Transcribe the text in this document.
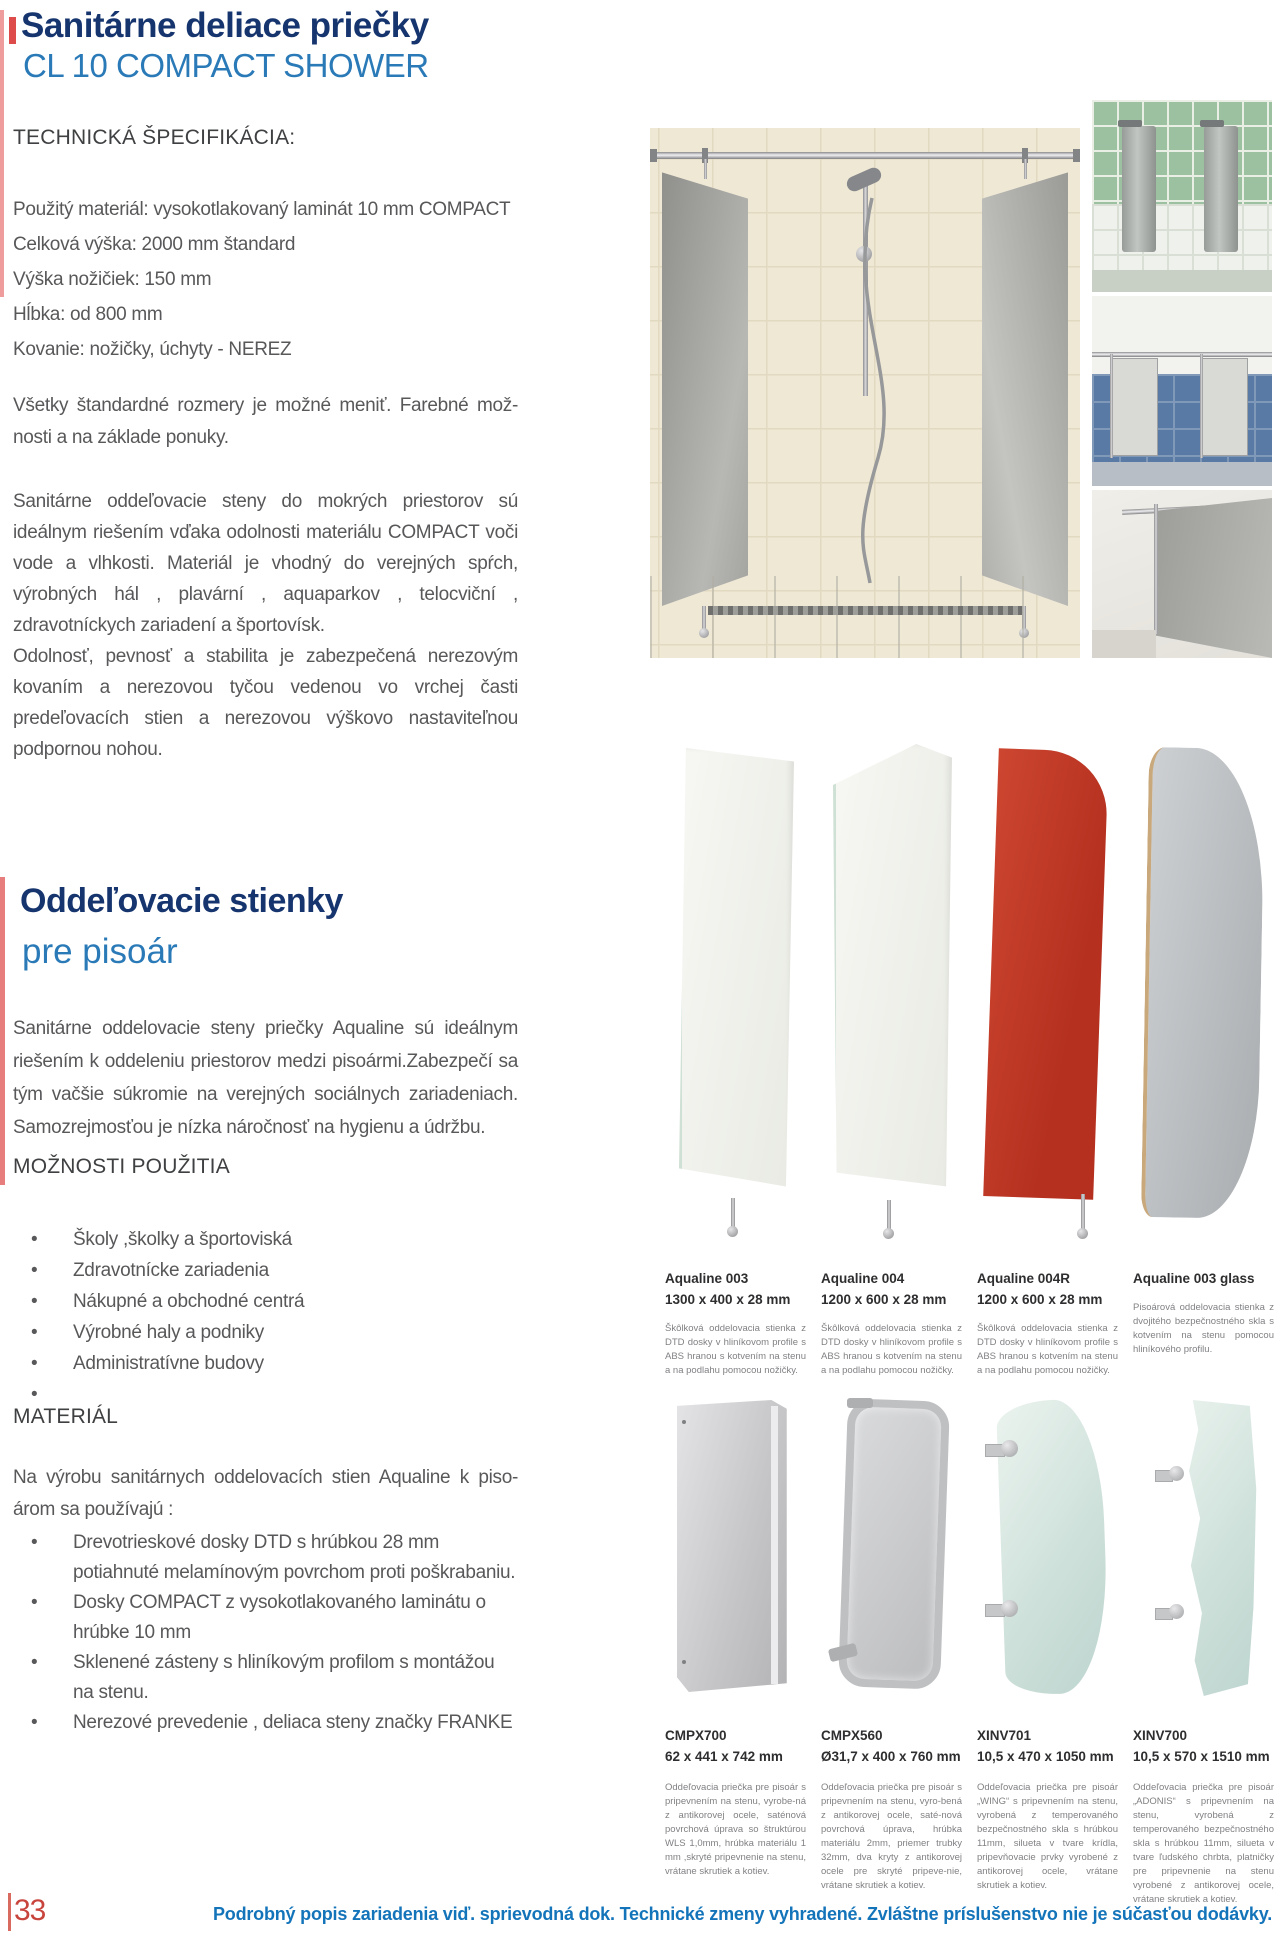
Sanitárne deliace priečky
CL 10 COMPACT SHOWER
TECHNICKÁ ŠPECIFIKÁCIA:
Použitý materiál: vysokotlakovaný laminát 10 mm COMPACT
Celková výška: 2000 mm štandard
Výška nožičiek: 150 mm
Hĺbka: od 800 mm
Kovanie: nožičky, úchyty - NEREZ
Všetky štandardné rozmery je možné meniť. Farebné mož-nosti a na základe ponuky.

Sanitárne oddeľovacie steny do mokrých priestorov sú ideálnym riešením vďaka odolnosti materiálu COMPACT voči vode a vlhkosti. Materiál je vhodný do verejných spŕch, výrobných hál , plavární , aquaparkov , telocviční , zdravotníckych zariadení a športovísk.

Odolnosť, pevnosť a stabilita je zabezpečená nerezovým kovaním a nerezovou tyčou vedenou vo vrchej časti predeľovacích stien a nerezovou výškovo nastaviteľnou podpornou nohou.

Oddeľovacie stienky
pre pisoár
Sanitárne oddelovacie steny priečky Aqualine sú ideálnym riešením k oddeleniu priestorov medzi pisoármi.Zabezpečí sa tým vačšie súkromie na verejných sociálnych zariadeniach. Samozrejmosťou je nízka náročnosť na hygienu a údržbu.
MOŽNOSTI POUŽITIA
• Školy ,školky a športoviská
• Zdravotnícke zariadenia
• Nákupné a obchodné centrá
• Výrobné haly a podniky
• Administratívne budovy
•
MATERIÁL
Na výrobu sanitárnych oddelovacích stien Aqualine k piso-árom sa používajú :
• Drevotrieskové dosky DTD s hrúbkou 28 mm potiahnuté melamínovým povrchom proti poškrabaniu.
• Dosky COMPACT z vysokotlakovaného laminátu o hrúbke 10 mm
• Sklenené zásteny s hliníkovým profilom s montážou na stenu.
• Nerezové prevedenie , deliaca steny značky FRANKE
Aqualine 003
1300 x 400 x 28 mm
Škôlková oddelovacia stienka z DTD dosky v hliníkovom profile s ABS hranou s kotvením na stenu a na podlahu pomocou nožičky.
Aqualine 004
1200 x 600 x 28 mm
Škôlková oddelovacia stienka z DTD dosky v hliníkovom profile s ABS hranou s kotvením na stenu a na podlahu pomocou nožičky.
Aqualine 004R
1200 x 600 x 28 mm
Škôlková oddelovacia stienka z DTD dosky v hliníkovom profile s ABS hranou s kotvením na stenu a na podlahu pomocou nožičky.
Aqualine 003 glass
Pisoárová oddelovacia stienka z dvojitého bezpečnostného skla s kotvením na stenu pomocou hliníkového profilu.
CMPX700
62 x 441 x 742 mm
Oddeľovacia priečka pre pisoár s pripevnením na stenu, vyrobe-ná z antikorovej ocele, saténová povrchová úprava so štruktúrou WLS 1,0mm, hrúbka materiálu 1 mm ,skryté pripevnenie na stenu, vrátane skrutiek a kotiev.
CMPX560
Ø31,7 x 400 x 760 mm
Oddeľovacia priečka pre pisoár s pripevnením na stenu, vyro-bená z antikorovej ocele, saté-nová povrchová úprava, hrúbka materiálu 2mm, priemer trubky 32mm, dva kryty z antikorovej ocele pre skryté pripeve-nie, vrátane skrutiek a kotiev.
XINV701
10,5 x 470 x 1050 mm
Oddeľovacia priečka pre pisoár „WING“ s pripevnením na stenu, vyrobená z temperovaného bezpečnostného skla s hrúbkou 11mm, silueta v tvare krídla, pripevňovacie prvky vyrobené z antikorovej ocele, vrátane skrutiek a kotiev.
XINV700
10,5 x 570 x 1510 mm
Oddeľovacia priečka pre pisoár „ADONIS“ s pripevnením na stenu, vyrobená z temperovaného bezpečnostného skla s hrúbkou 11mm, silueta v tvare ľudského chrbta, platničky pre pripevnenie na stenu vyrobené z antikorovej ocele, vrátane skrutiek a kotiev.
33	Podrobný popis zariadenia viď. sprievodná dok. Technické zmeny vyhradené. Zvláštne príslušenstvo nie je súčasťou dodávky.
